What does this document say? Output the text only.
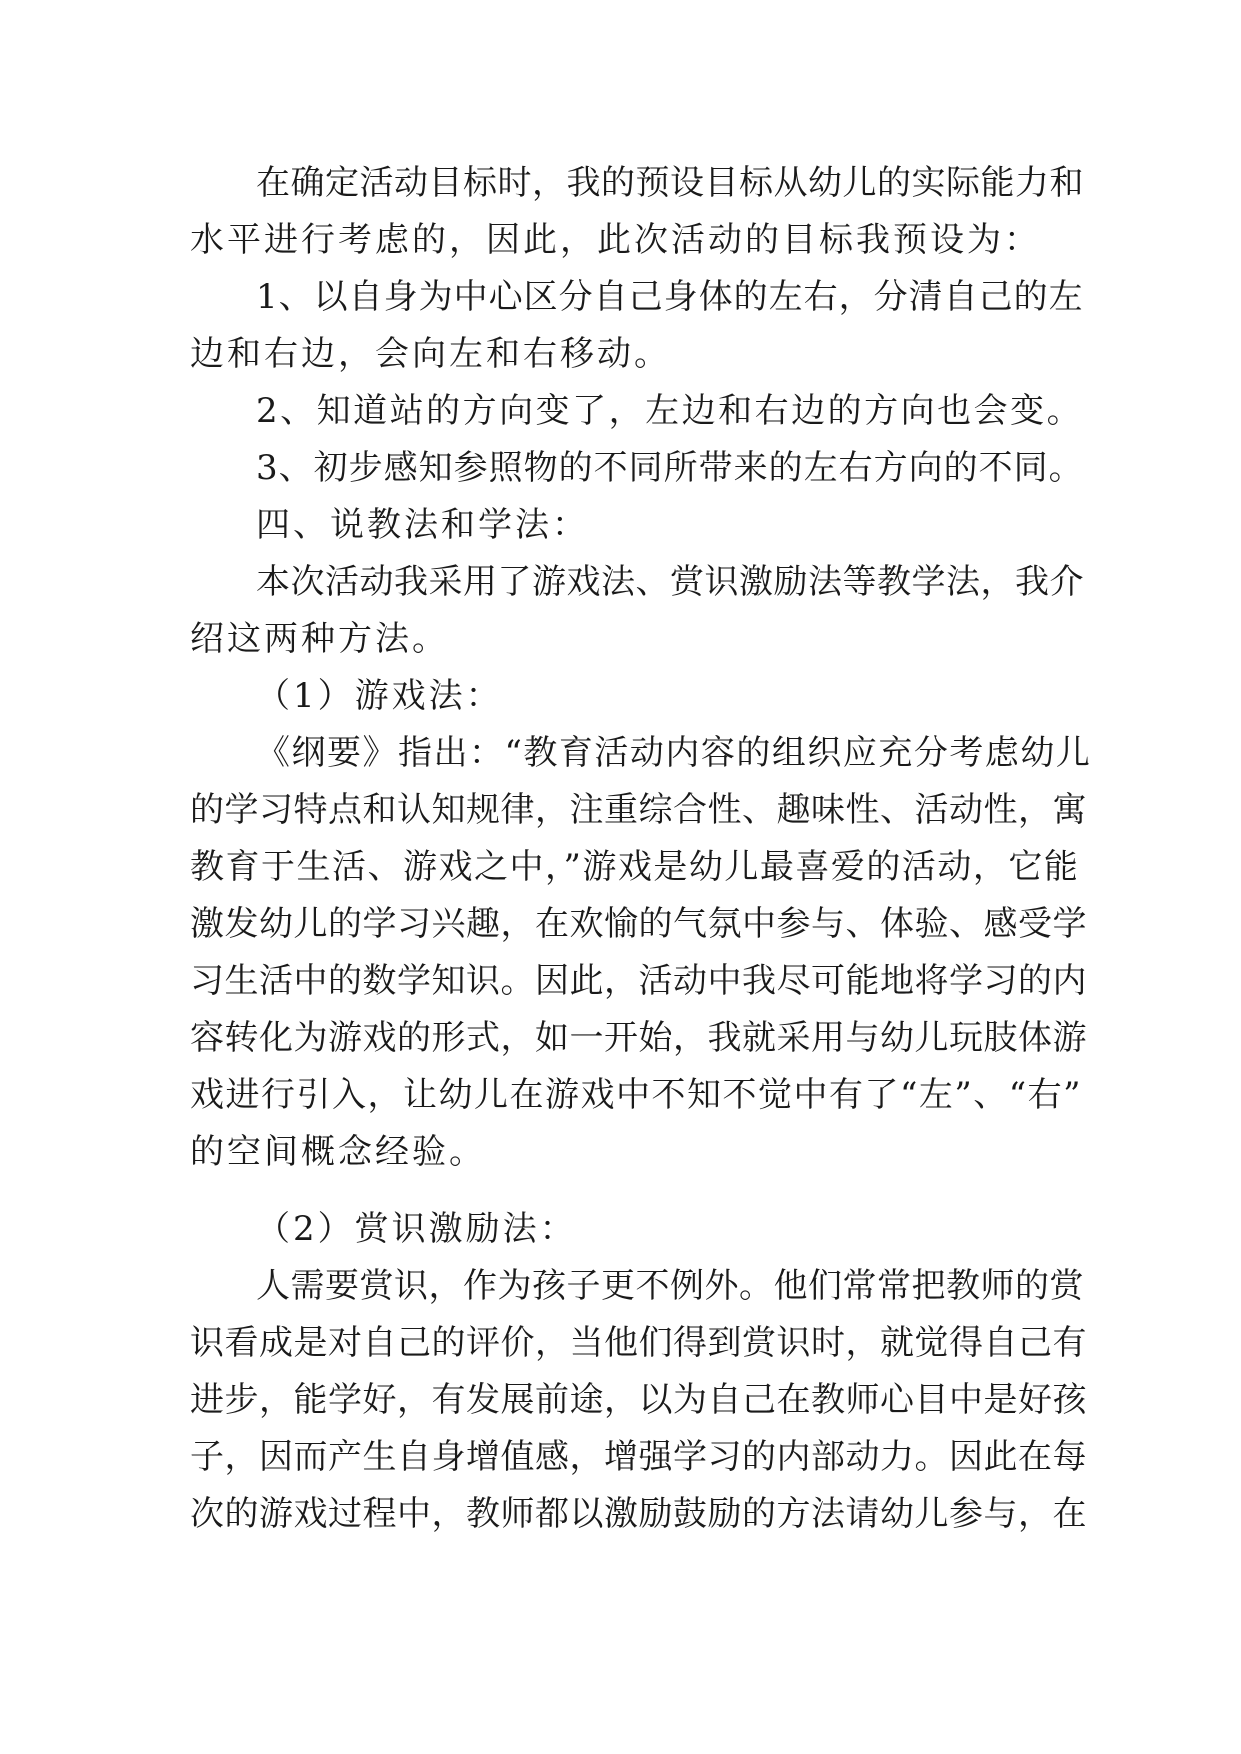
在确定活动目标时，我的预设目标从幼儿的实际能力和
水平进行考虑的，因此，此次活动的目标我预设为：
1、以自身为中心区分自己身体的左右，分清自己的左
边和右边，会向左和右移动。
2、知道站的方向变了，左边和右边的方向也会变。
3、初步感知参照物的不同所带来的左右方向的不同。
四、说教法和学法：
本次活动我采用了游戏法、赏识激励法等教学法，我介
绍这两种方法。
（1）游戏法：
《纲要》指出：“教育活动内容的组织应充分考虑幼儿
的学习特点和认知规律，注重综合性、趣味性、活动性，寓
教育于生活、游戏之中，”游戏是幼儿最喜爱的活动，它能
激发幼儿的学习兴趣，在欢愉的气氛中参与、体验、感受学
习生活中的数学知识。因此，活动中我尽可能地将学习的内
容转化为游戏的形式，如一开始，我就采用与幼儿玩肢体游
戏进行引入，让幼儿在游戏中不知不觉中有了“左”、“右”
的空间概念经验。
（2）赏识激励法：
人需要赏识，作为孩子更不例外。他们常常把教师的赏
识看成是对自己的评价，当他们得到赏识时，就觉得自己有
进步，能学好，有发展前途，以为自己在教师心目中是好孩
子，因而产生自身增值感，增强学习的内部动力。因此在每
次的游戏过程中，教师都以激励鼓励的方法请幼儿参与，在
